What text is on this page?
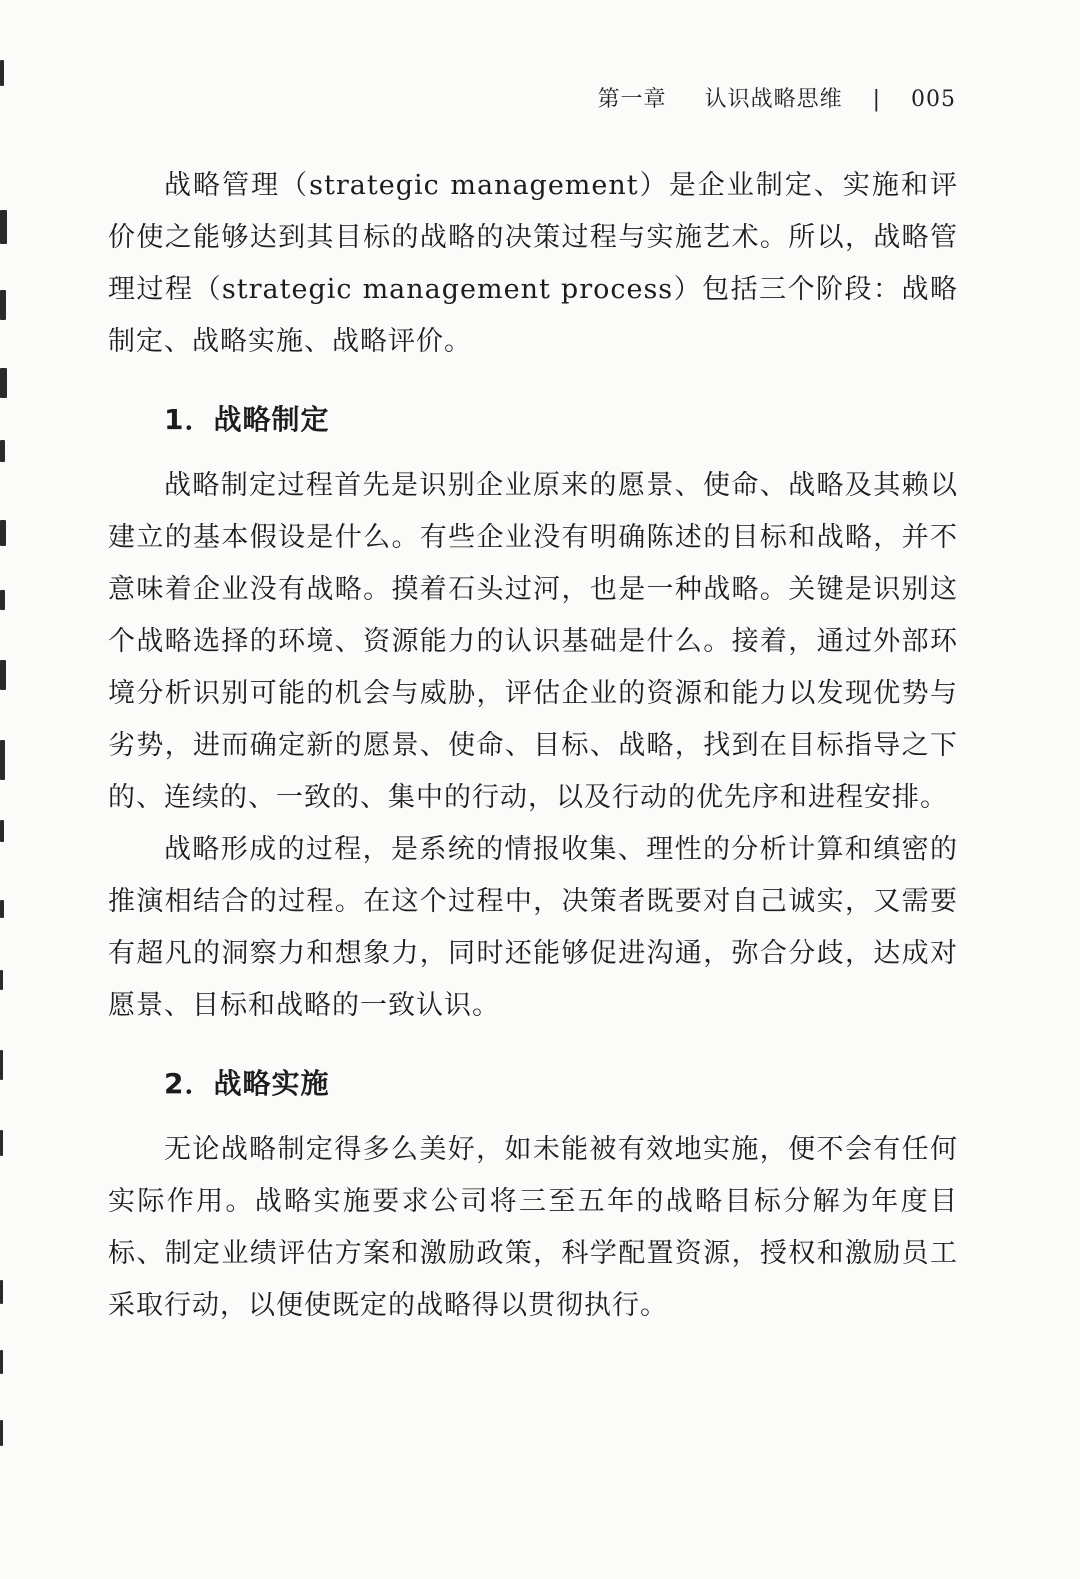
第一章 认识战略思维 | 005

战略管理（strategic management）是企业制定、实施和评价使之能够达到其目标的战略的决策过程与实施艺术。所以，战略管理过程（strategic management process）包括三个阶段：战略制定、战略实施、战略评价。

1．战略制定

战略制定过程首先是识别企业原来的愿景、使命、战略及其赖以建立的基本假设是什么。有些企业没有明确陈述的目标和战略，并不意味着企业没有战略。摸着石头过河，也是一种战略。关键是识别这个战略选择的环境、资源能力的认识基础是什么。接着，通过外部环境分析识别可能的机会与威胁，评估企业的资源和能力以发现优势与劣势，进而确定新的愿景、使命、目标、战略，找到在目标指导之下的、连续的、一致的、集中的行动，以及行动的优先序和进程安排。

战略形成的过程，是系统的情报收集、理性的分析计算和缜密的推演相结合的过程。在这个过程中，决策者既要对自己诚实，又需要有超凡的洞察力和想象力，同时还能够促进沟通，弥合分歧，达成对愿景、目标和战略的一致认识。

2．战略实施

无论战略制定得多么美好，如未能被有效地实施，便不会有任何实际作用。战略实施要求公司将三至五年的战略目标分解为年度目标、制定业绩评估方案和激励政策，科学配置资源，授权和激励员工采取行动，以便使既定的战略得以贯彻执行。
